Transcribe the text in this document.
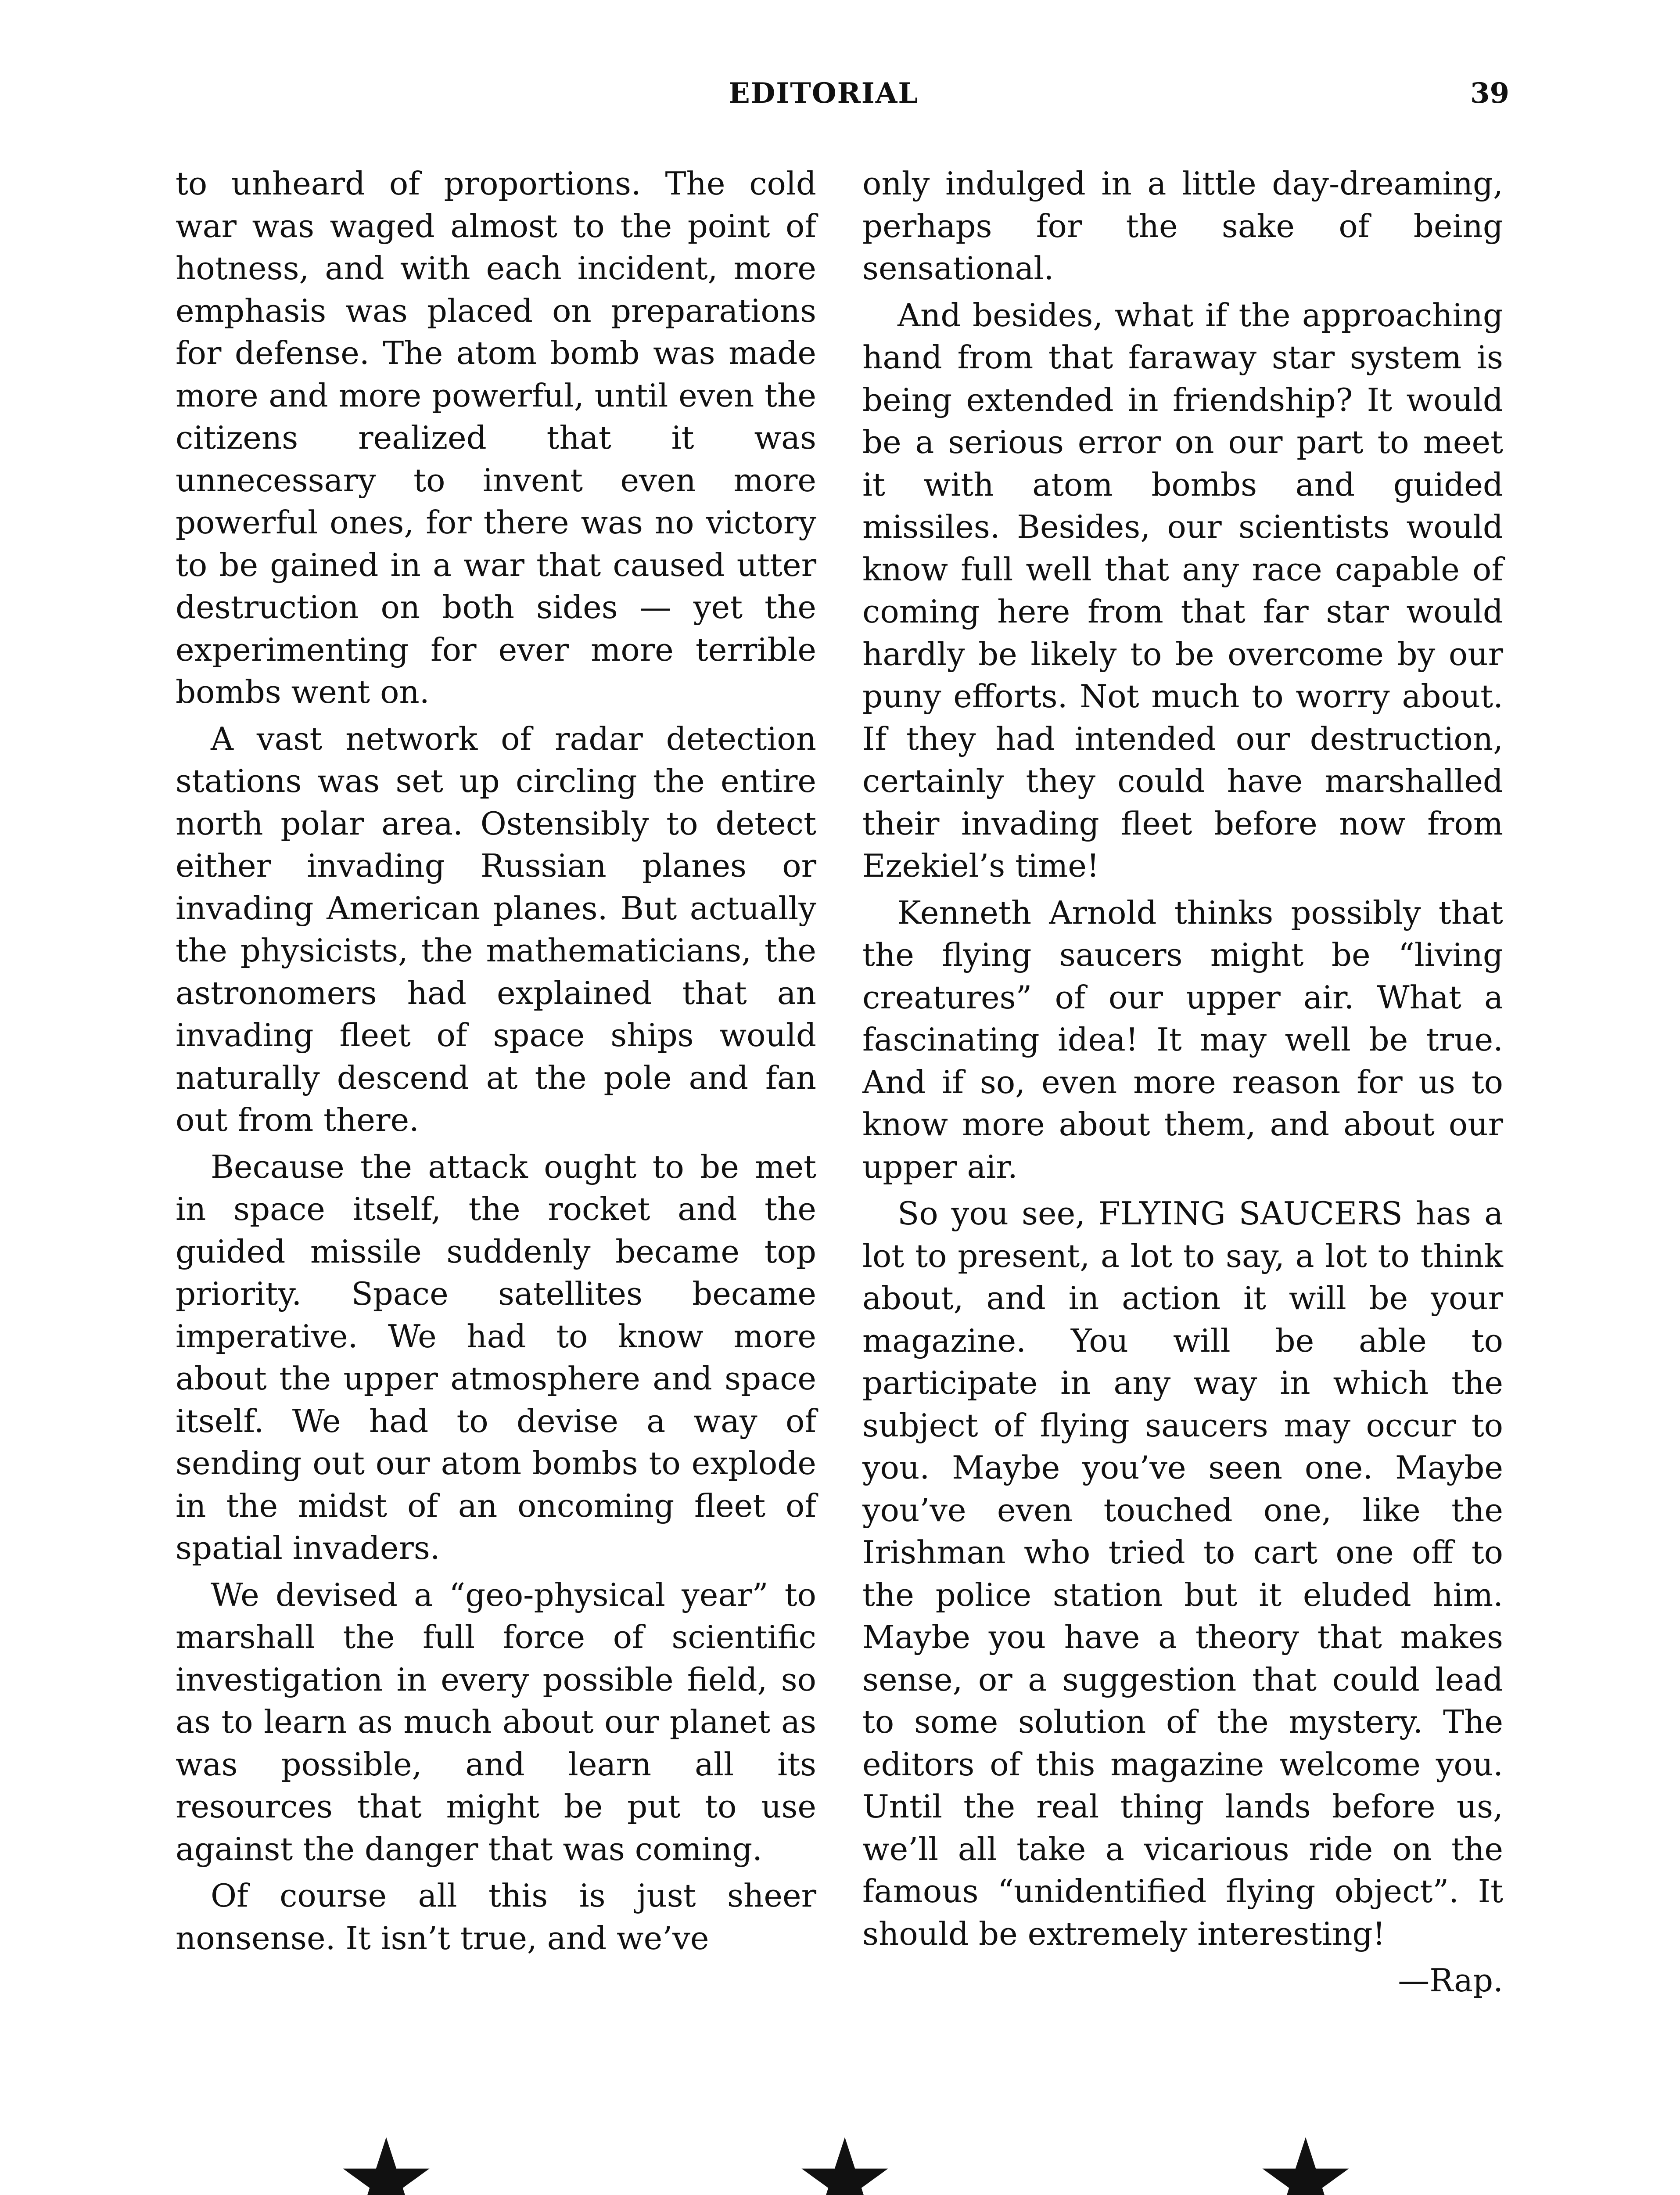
EDITORIAL	39

to unheard of proportions. The cold war was waged almost to the point of hotness, and with each incident, more emphasis was placed on preparations for defense. The atom bomb was made more and more powerful, until even the citizens realized that it was unnecessary to invent even more powerful ones, for there was no victory to be gained in a war that caused utter destruction on both sides — yet the experimenting for ever more terrible bombs went on.

A vast network of radar detection stations was set up circling the entire north polar area. Ostensibly to detect either invading Russian planes or invading American planes. But actually the physicists, the mathematicians, the astronomers had explained that an invading fleet of space ships would naturally descend at the pole and fan out from there.

Because the attack ought to be met in space itself, the rocket and the guided missile suddenly became top priority. Space satellites became imperative. We had to know more about the upper atmosphere and space itself. We had to devise a way of sending out our atom bombs to explode in the midst of an oncoming fleet of spatial invaders.

We devised a “geo-physical year” to marshall the full force of scientific investigation in every possible field, so as to learn as much about our planet as was possible, and learn all its resources that might be put to use against the danger that was coming.

Of course all this is just sheer nonsense. It isn’t true, and we’ve

only indulged in a little day-dreaming, perhaps for the sake of being sensational.

And besides, what if the approaching hand from that faraway star system is being extended in friendship? It would be a serious error on our part to meet it with atom bombs and guided missiles. Besides, our scientists would know full well that any race capable of coming here from that far star would hardly be likely to be overcome by our puny efforts. Not much to worry about. If they had intended our destruction, certainly they could have marshalled their invading fleet before now from Ezekiel’s time!

Kenneth Arnold thinks possibly that the flying saucers might be “living creatures” of our upper air. What a fascinating idea! It may well be true. And if so, even more reason for us to know more about them, and about our upper air.

So you see, FLYING SAUCERS has a lot to present, a lot to say, a lot to think about, and in action it will be your magazine. You will be able to participate in any way in which the subject of flying saucers may occur to you. Maybe you’ve seen one. Maybe you’ve even touched one, like the Irishman who tried to cart one off to the police station but it eluded him. Maybe you have a theory that makes sense, or a suggestion that could lead to some solution of the mystery. The editors of this magazine welcome you. Until the real thing lands before us, we’ll all take a vicarious ride on the famous “unidentified flying object”. It should be extremely interesting!

—Rap.
